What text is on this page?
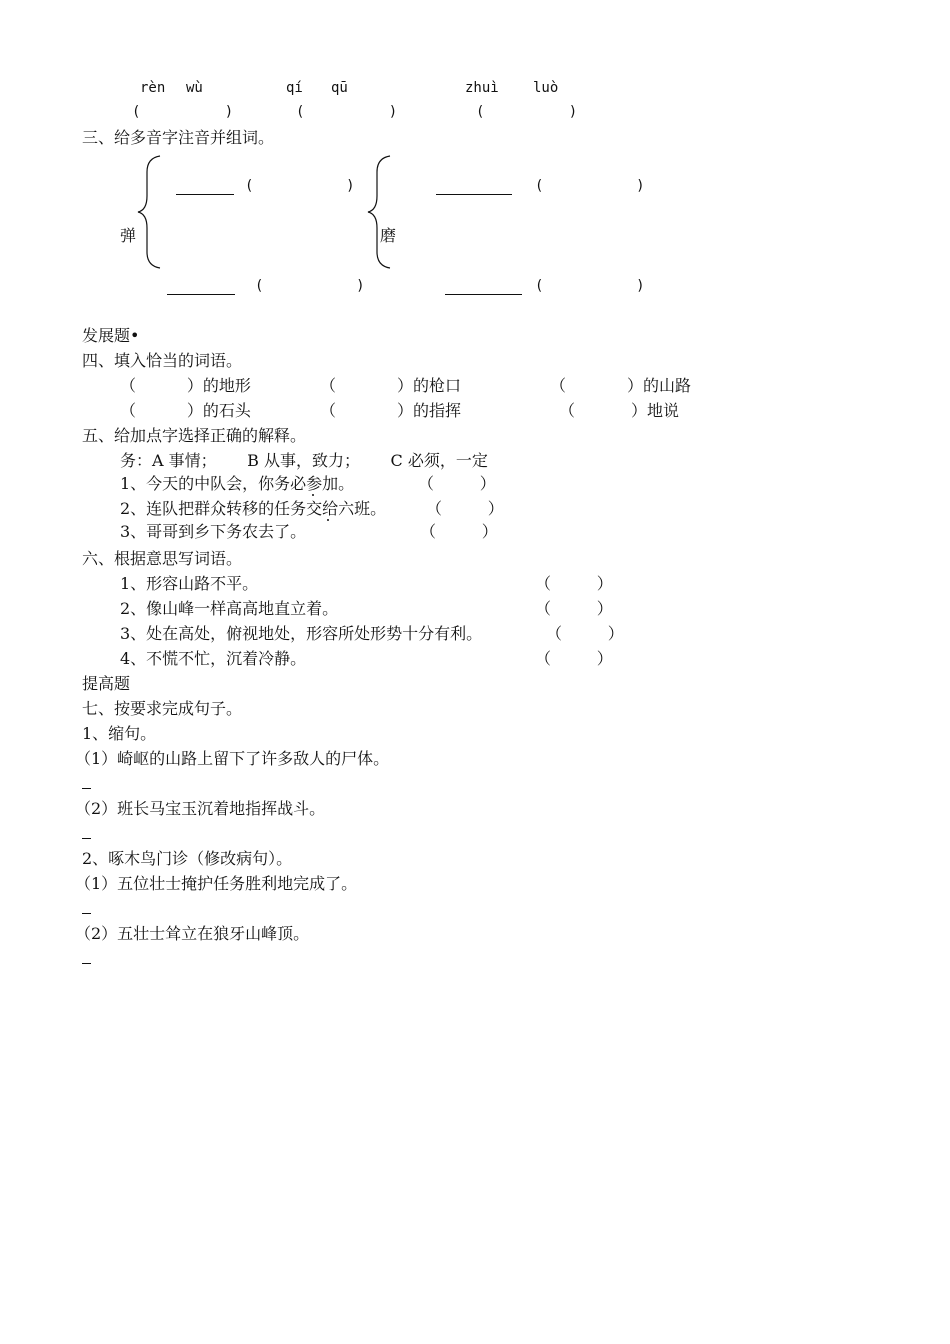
rèn wù	qí qū	zhuì luò
(          )	(          )	(          )
三、给多音字注音并组词。
弹	磨
(           )	(           )
(           )	(           )
发展题•
四、填入恰当的词语。
（          ）的地形	（            ）的枪口	（            ）的山路
（          ）的石头	（            ）的指挥	（           ）地说
五、给加点字选择正确的解释。
务：A 事情；      B 从事，致力；      C 必须，一定
1、今天的中队会，你务必参加。	（         ）
2、连队把群众转移的任务交给六班。 （         ）
3、哥哥到乡下务农去了。	（         ）
六、根据意思写词语。
1、形容山路不平。	（         ）
2、像山峰一样高高地直立着。	（         ）
3、处在高处，俯视地处，形容所处形势十分有利。	（         ）
4、不慌不忙，沉着冷静。	（         ）
提高题
七、按要求完成句子。
1、缩句。
（1）崎岖的山路上留下了许多敌人的尸体。
（2）班长马宝玉沉着地指挥战斗。
2、啄木鸟门诊（修改病句）。
（1）五位壮士掩护任务胜利地完成了。
（2）五壮士耸立在狼牙山峰顶。
